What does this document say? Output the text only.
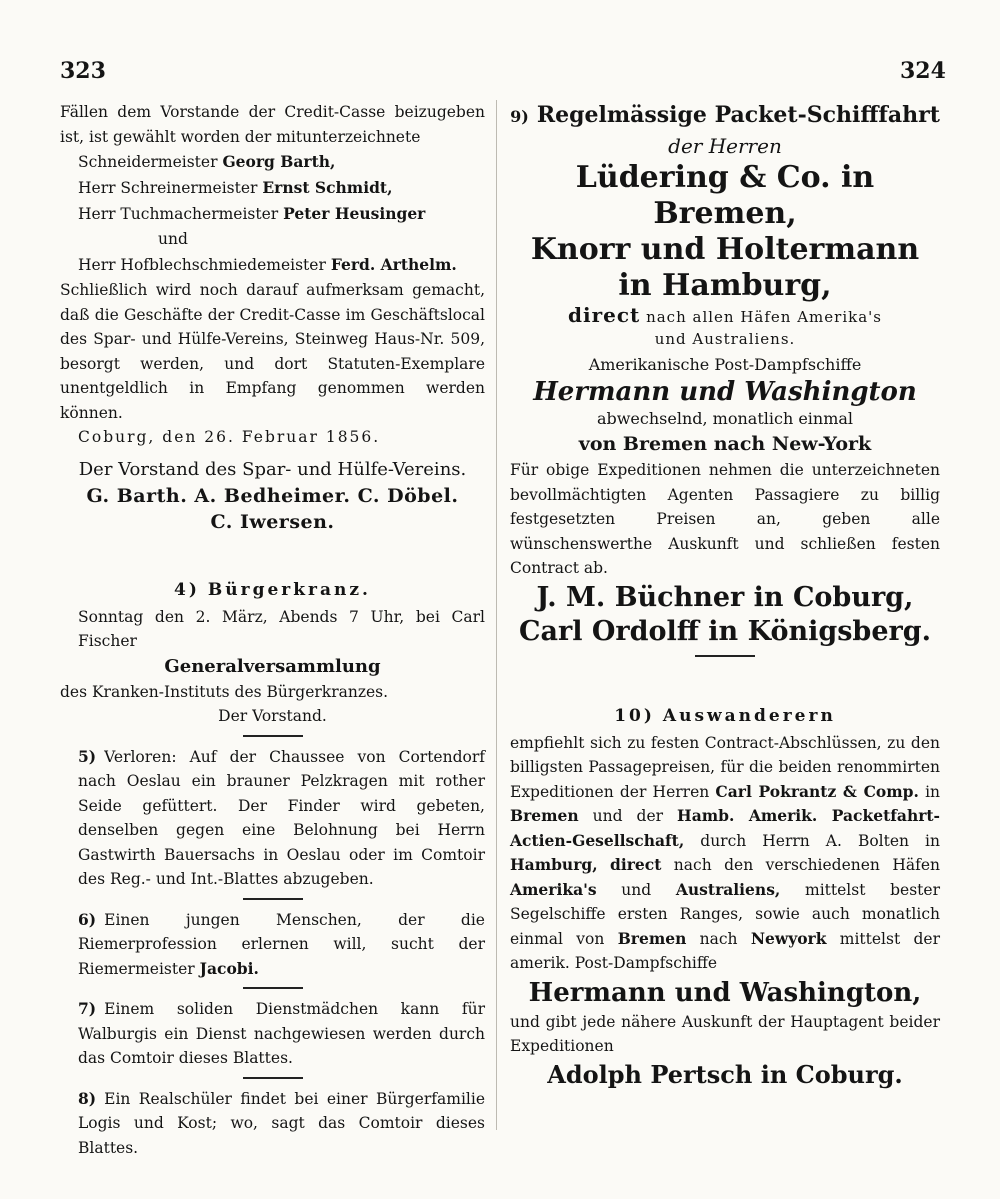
323	324

Fällen dem Vorstande der Credit-Casse beizugeben ist, ist gewählt worden der mitunterzeichnete

Schneidermeister Georg Barth,
Herr Schreinermeister Ernst Schmidt,
Herr Tuchmachermeister Peter Heusinger
und
Herr Hofblechschmiedemeister Ferd. Arthelm.

Schließlich wird noch darauf aufmerksam gemacht, daß die Geschäfte der Credit-Casse im Geschäftslocal des Spar- und Hülfe-Vereins, Steinweg Haus-Nr. 509, besorgt werden, und dort Statuten-Exemplare unentgeldlich in Empfang genommen werden können.

Coburg, den 26. Februar 1856.

Der Vorstand des Spar- und Hülfe-Vereins.
G. Barth. A. Bedheimer. C. Döbel.
C. Iwersen.
4) Bürgerkranz.

Sonntag den 2. März, Abends 7 Uhr, bei Carl Fischer

Generalversammlung

des Kranken-Instituts des Bürgerkranzes.

Der Vorstand.

5) Verloren: Auf der Chaussee von Cortendorf nach Oeslau ein brauner Pelzkragen mit rother Seide gefüttert. Der Finder wird gebeten, denselben gegen eine Belohnung bei Herrn Gastwirth Bauersachs in Oeslau oder im Comtoir des Reg.- und Int.-Blattes abzugeben.

6) Einen jungen Menschen, der die Riemerprofession erlernen will, sucht der Riemermeister Jacobi.

7) Einem soliden Dienstmädchen kann für Walburgis ein Dienst nachgewiesen werden durch das Comtoir dieses Blattes.

8) Ein Realschüler findet bei einer Bürgerfamilie Logis und Kost; wo, sagt das Comtoir dieses Blattes.

9) Regelmässige Packet-Schifffahrt
der Herren
Lüdering & Co. in Bremen,
Knorr und Holtermann
in Hamburg,
direct nach allen Häfen Amerika's
und Australiens.
Amerikanische Post-Dampfschiffe
Hermann und Washington
abwechselnd, monatlich einmal
von Bremen nach New-York

Für obige Expeditionen nehmen die unterzeichneten bevollmächtigten Agenten Passagiere zu billig festgesetzten Preisen an, geben alle wünschenswerthe Auskunft und schließen festen Contract ab.

J. M. Büchner in Coburg,
Carl Ordolff in Königsberg.
10) Auswanderern

empfiehlt sich zu festen Contract-Abschlüssen, zu den billigsten Passagepreisen, für die beiden renommirten Expeditionen der Herren Carl Pokrantz & Comp. in Bremen und der Hamb. Amerik. Packetfahrt-Actien-Gesellschaft, durch Herrn A. Bolten in Hamburg, direct nach den verschiedenen Häfen Amerika's und Australiens, mittelst bester Segelschiffe ersten Ranges, sowie auch monatlich einmal von Bremen nach Newyork mittelst der amerik. Post-Dampfschiffe

Hermann und Washington,

und gibt jede nähere Auskunft der Hauptagent beider Expeditionen

Adolph Pertsch in Coburg.
